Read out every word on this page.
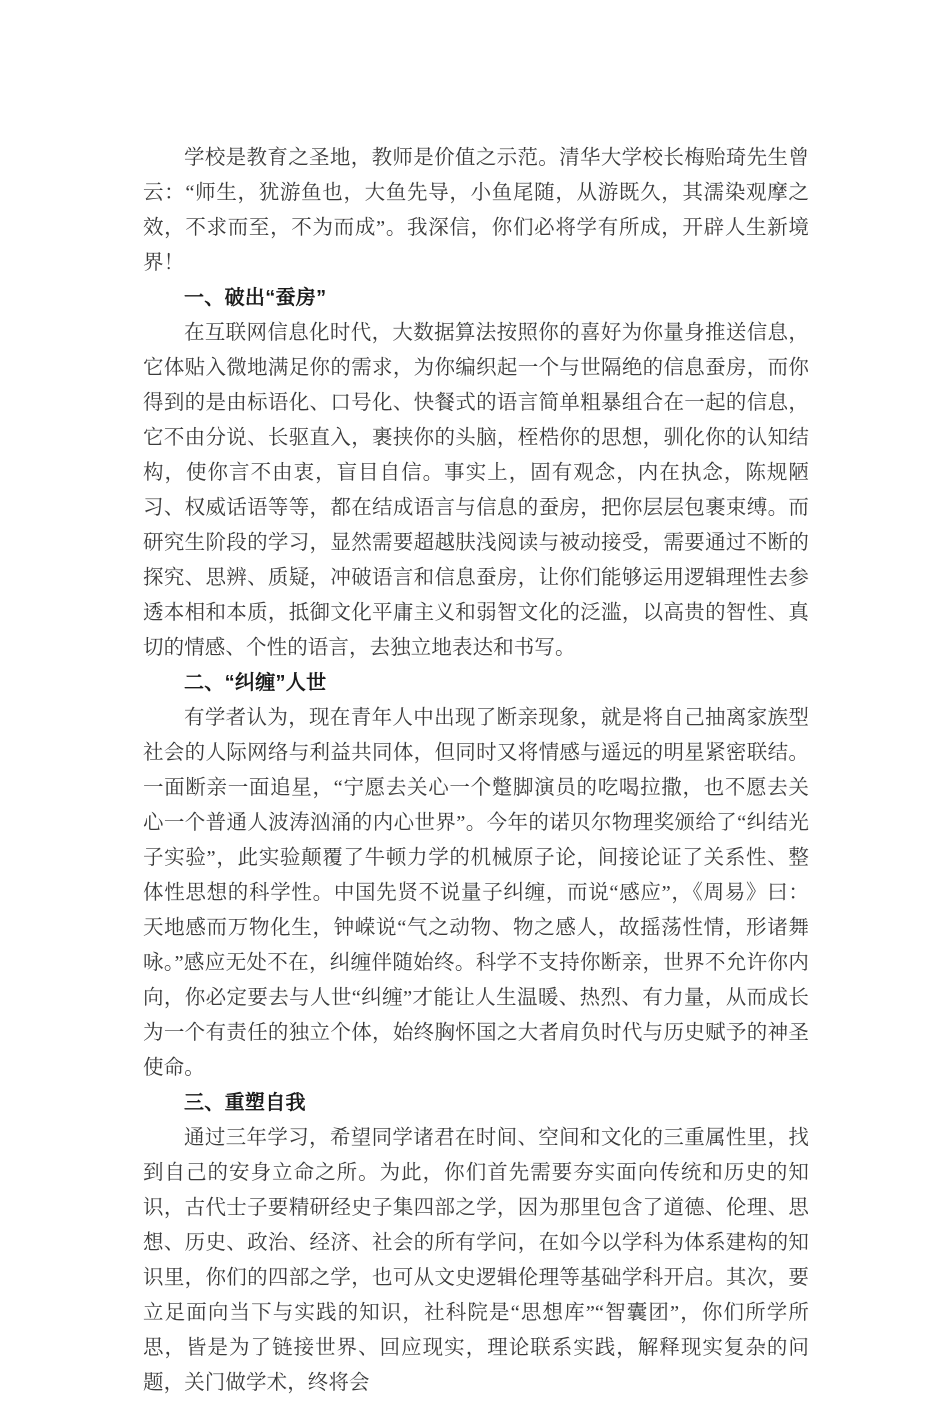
学校是教育之圣地，教师是价值之示范。清华大学校长梅贻琦先生曾云：“师生，犹游鱼也，大鱼先导，小鱼尾随，从游既久，其濡染观摩之效，不求而至，不为而成”。我深信，你们必将学有所成，开辟人生新境界！

一、破出“蚕房”

在互联网信息化时代，大数据算法按照你的喜好为你量身推送信息，它体贴入微地满足你的需求，为你编织起一个与世隔绝的信息蚕房，而你得到的是由标语化、口号化、快餐式的语言简单粗暴组合在一起的信息，它不由分说、长驱直入，裹挟你的头脑，桎梏你的思想，驯化你的认知结构，使你言不由衷，盲目自信。事实上，固有观念，内在执念，陈规陋习、权威话语等等，都在结成语言与信息的蚕房，把你层层包裹束缚。而研究生阶段的学习，显然需要超越肤浅阅读与被动接受，需要通过不断的探究、思辨、质疑，冲破语言和信息蚕房，让你们能够运用逻辑理性去参透本相和本质，抵御文化平庸主义和弱智文化的泛滥，以高贵的智性、真切的情感、个性的语言，去独立地表达和书写。

二、“纠缠”人世

有学者认为，现在青年人中出现了断亲现象，就是将自己抽离家族型社会的人际网络与利益共同体，但同时又将情感与遥远的明星紧密联结。一面断亲一面追星，“宁愿去关心一个蹩脚演员的吃喝拉撒，也不愿去关心一个普通人波涛汹涌的内心世界”。今年的诺贝尔物理奖颁给了“纠结光子实验”，此实验颠覆了牛顿力学的机械原子论，间接论证了关系性、整体性思想的科学性。中国先贤不说量子纠缠，而说“感应”，《周易》曰：天地感而万物化生，钟嵘说“气之动物、物之感人，故摇荡性情，形诸舞咏。”感应无处不在，纠缠伴随始终。科学不支持你断亲，世界不允许你内向，你必定要去与人世“纠缠”才能让人生温暖、热烈、有力量，从而成长为一个有责任的独立个体，始终胸怀国之大者肩负时代与历史赋予的神圣使命。

三、重塑自我

通过三年学习，希望同学诸君在时间、空间和文化的三重属性里，找到自己的安身立命之所。为此，你们首先需要夯实面向传统和历史的知识，古代士子要精研经史子集四部之学，因为那里包含了道德、伦理、思想、历史、政治、经济、社会的所有学问，在如今以学科为体系建构的知识里，你们的四部之学，也可从文史逻辑伦理等基础学科开启。其次，要立足面向当下与实践的知识，社科院是“思想库”“智囊团”，你们所学所思，皆是为了链接世界、回应现实，理论联系实践，解释现实复杂的问题，关门做学术，终将会
